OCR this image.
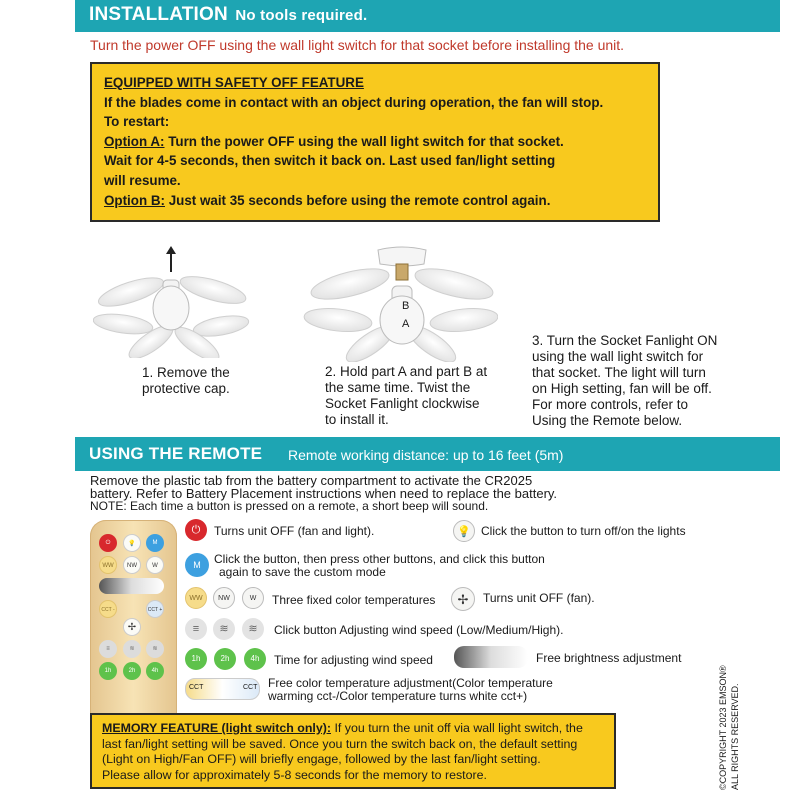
INSTALLATION No tools required.
Turn the power OFF using the wall light switch for that socket before installing the unit.
EQUIPPED WITH SAFETY OFF FEATURE
If the blades come in contact with an object during operation, the fan will stop.
To restart:
Option A: Turn the power OFF using the wall light switch for that socket.
Wait for 4-5 seconds, then switch it back on. Last used fan/light setting
will resume.
Option B: Just wait 35 seconds before using the remote control again.
B
A
1. Remove the
protective cap.
2. Hold part A and part B at
the same time. Twist the
Socket Fanlight clockwise
to install it.
3. Turn the Socket Fanlight ON
using the wall light switch for
that socket. The light will turn
on High setting, fan will be off.
For more controls, refer to
Using the Remote below.
USING THE REMOTE Remote working distance: up to 16 feet (5m)
Remove the plastic tab from the battery compartment to activate the CR2025
battery. Refer to Battery Placement instructions when need to replace the battery.
NOTE: Each time a button is pressed on a remote, a short beep will sound.
⏻	💡	M
WW	NW	W
CCT -	CCT +
✢
≡	≋	≋
1h	2h	4h
⏻	Turns unit OFF (fan and light).	💡 Click the button to turn off/on the lights
M	Click the button, then press other buttons, and click this button
again to save the custom mode
WW	NW	W	Three fixed color temperatures	✢	Turns unit OFF (fan).
≡	≋	≋	Click button Adjusting wind speed (Low/Medium/High).
1h	2h	4h	Time for adjusting wind speed	Free brightness adjustment
CCT	CCT Free color temperature adjustment(Color temperature
warming cct-/Color temperature turns white cct+)
MEMORY FEATURE (light switch only): If you turn the unit off via wall light switch, the
last fan/light setting will be saved. Once you turn the switch back on, the default setting
(Light on High/Fan OFF) will briefly engage, followed by the last fan/light setting.
Please allow for approximately 5-8 seconds for the memory to restore.	©COPYRIGHT 2023 EMSON® ALL RIGHTS RESERVED.
